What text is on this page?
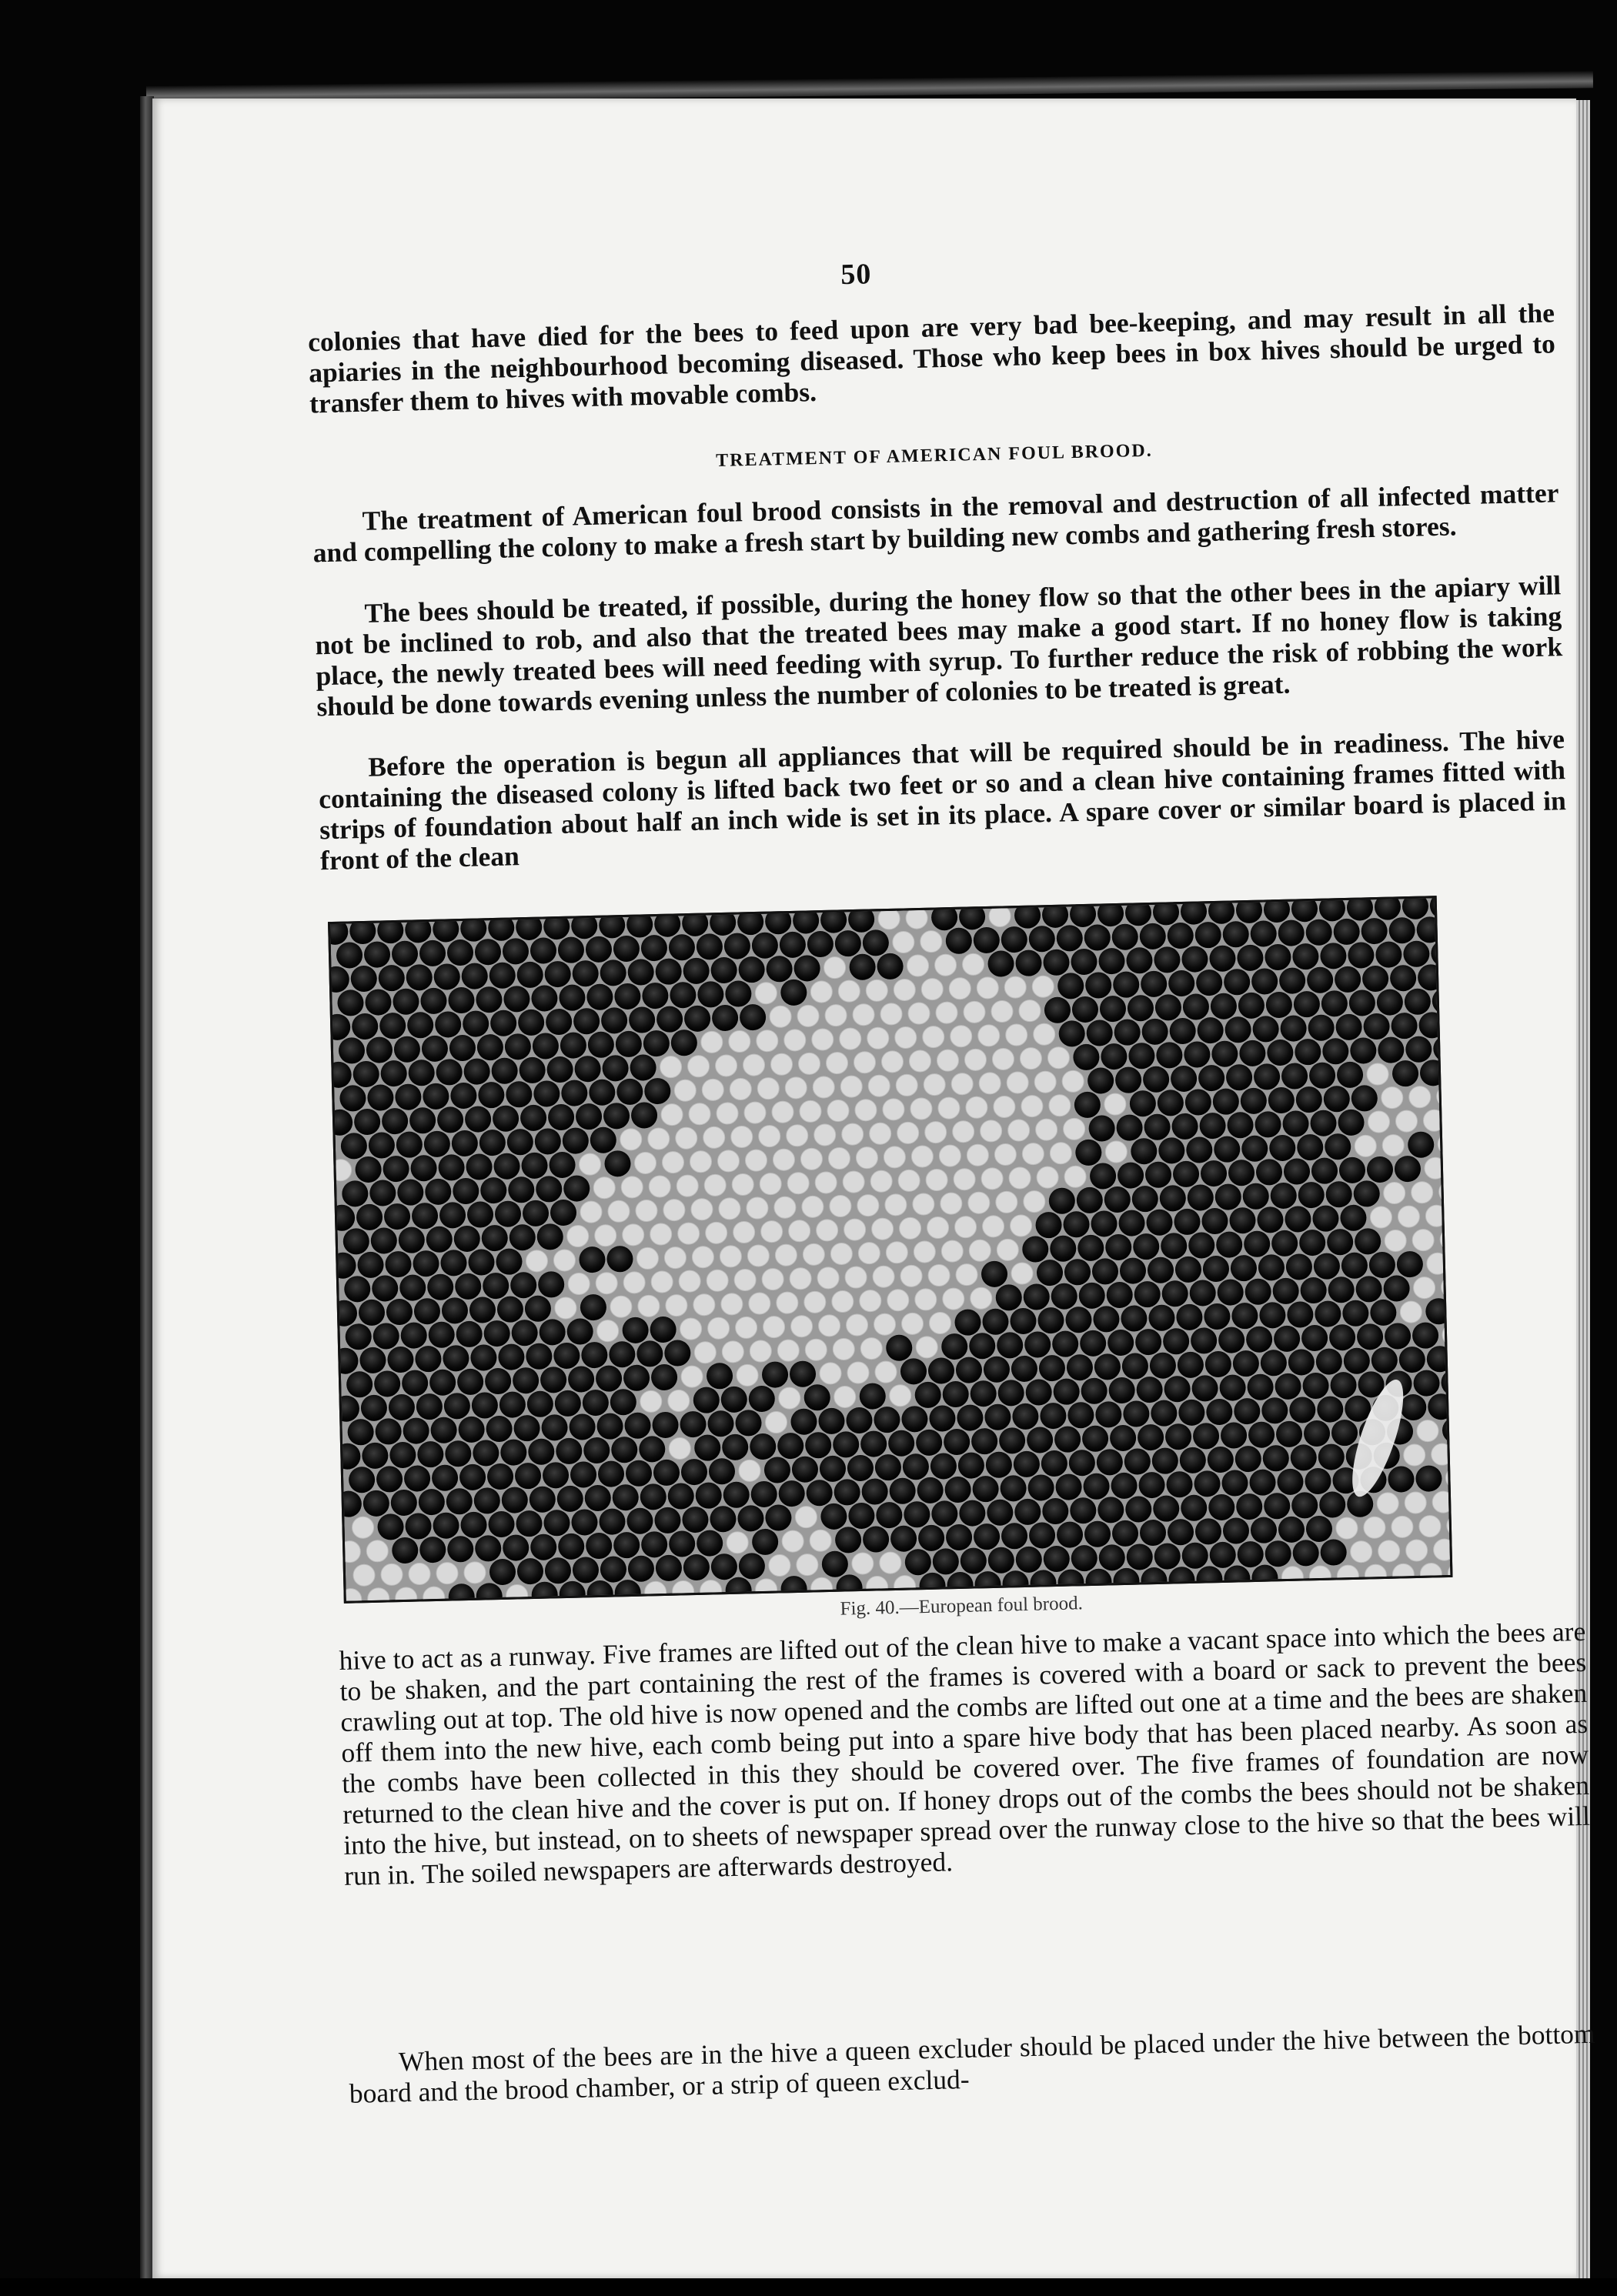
50
colonies that have died for the bees to feed upon are very bad bee-keeping, and may result in all the apiaries in the neighbourhood becoming diseased. Those who keep bees in box hives should be urged to transfer them to hives with movable combs.
TREATMENT OF AMERICAN FOUL BROOD.
The treatment of American foul brood consists in the removal and destruction of all infected matter and compelling the colony to make a fresh start by building new combs and gathering fresh stores.
The bees should be treated, if possible, during the honey flow so that the other bees in the apiary will not be inclined to rob, and also that the treated bees may make a good start. If no honey flow is taking place, the newly treated bees will need feeding with syrup. To further reduce the risk of robbing the work should be done towards evening unless the number of colonies to be treated is great.
Before the operation is begun all appliances that will be required should be in readiness. The hive containing the diseased colony is lifted back two feet or so and a clean hive containing frames fitted with strips of foundation about half an inch wide is set in its place. A spare cover or similar board is placed in front of the clean
Fig. 40.—European foul brood.
hive to act as a runway. Five frames are lifted out of the clean hive to make a vacant space into which the bees are to be shaken, and the part containing the rest of the frames is covered with a board or sack to prevent the bees crawling out at top. The old hive is now opened and the combs are lifted out one at a time and the bees are shaken off them into the new hive, each comb being put into a spare hive body that has been placed nearby. As soon as the combs have been collected in this they should be covered over. The five frames of foundation are now returned to the clean hive and the cover is put on. If honey drops out of the combs the bees should not be shaken into the hive, but instead, on to sheets of newspaper spread over the runway close to the hive so that the bees will run in. The soiled newspapers are afterwards destroyed.
When most of the bees are in the hive a queen excluder should be placed under the hive between the bottom board and the brood chamber, or a strip of queen exclud-
